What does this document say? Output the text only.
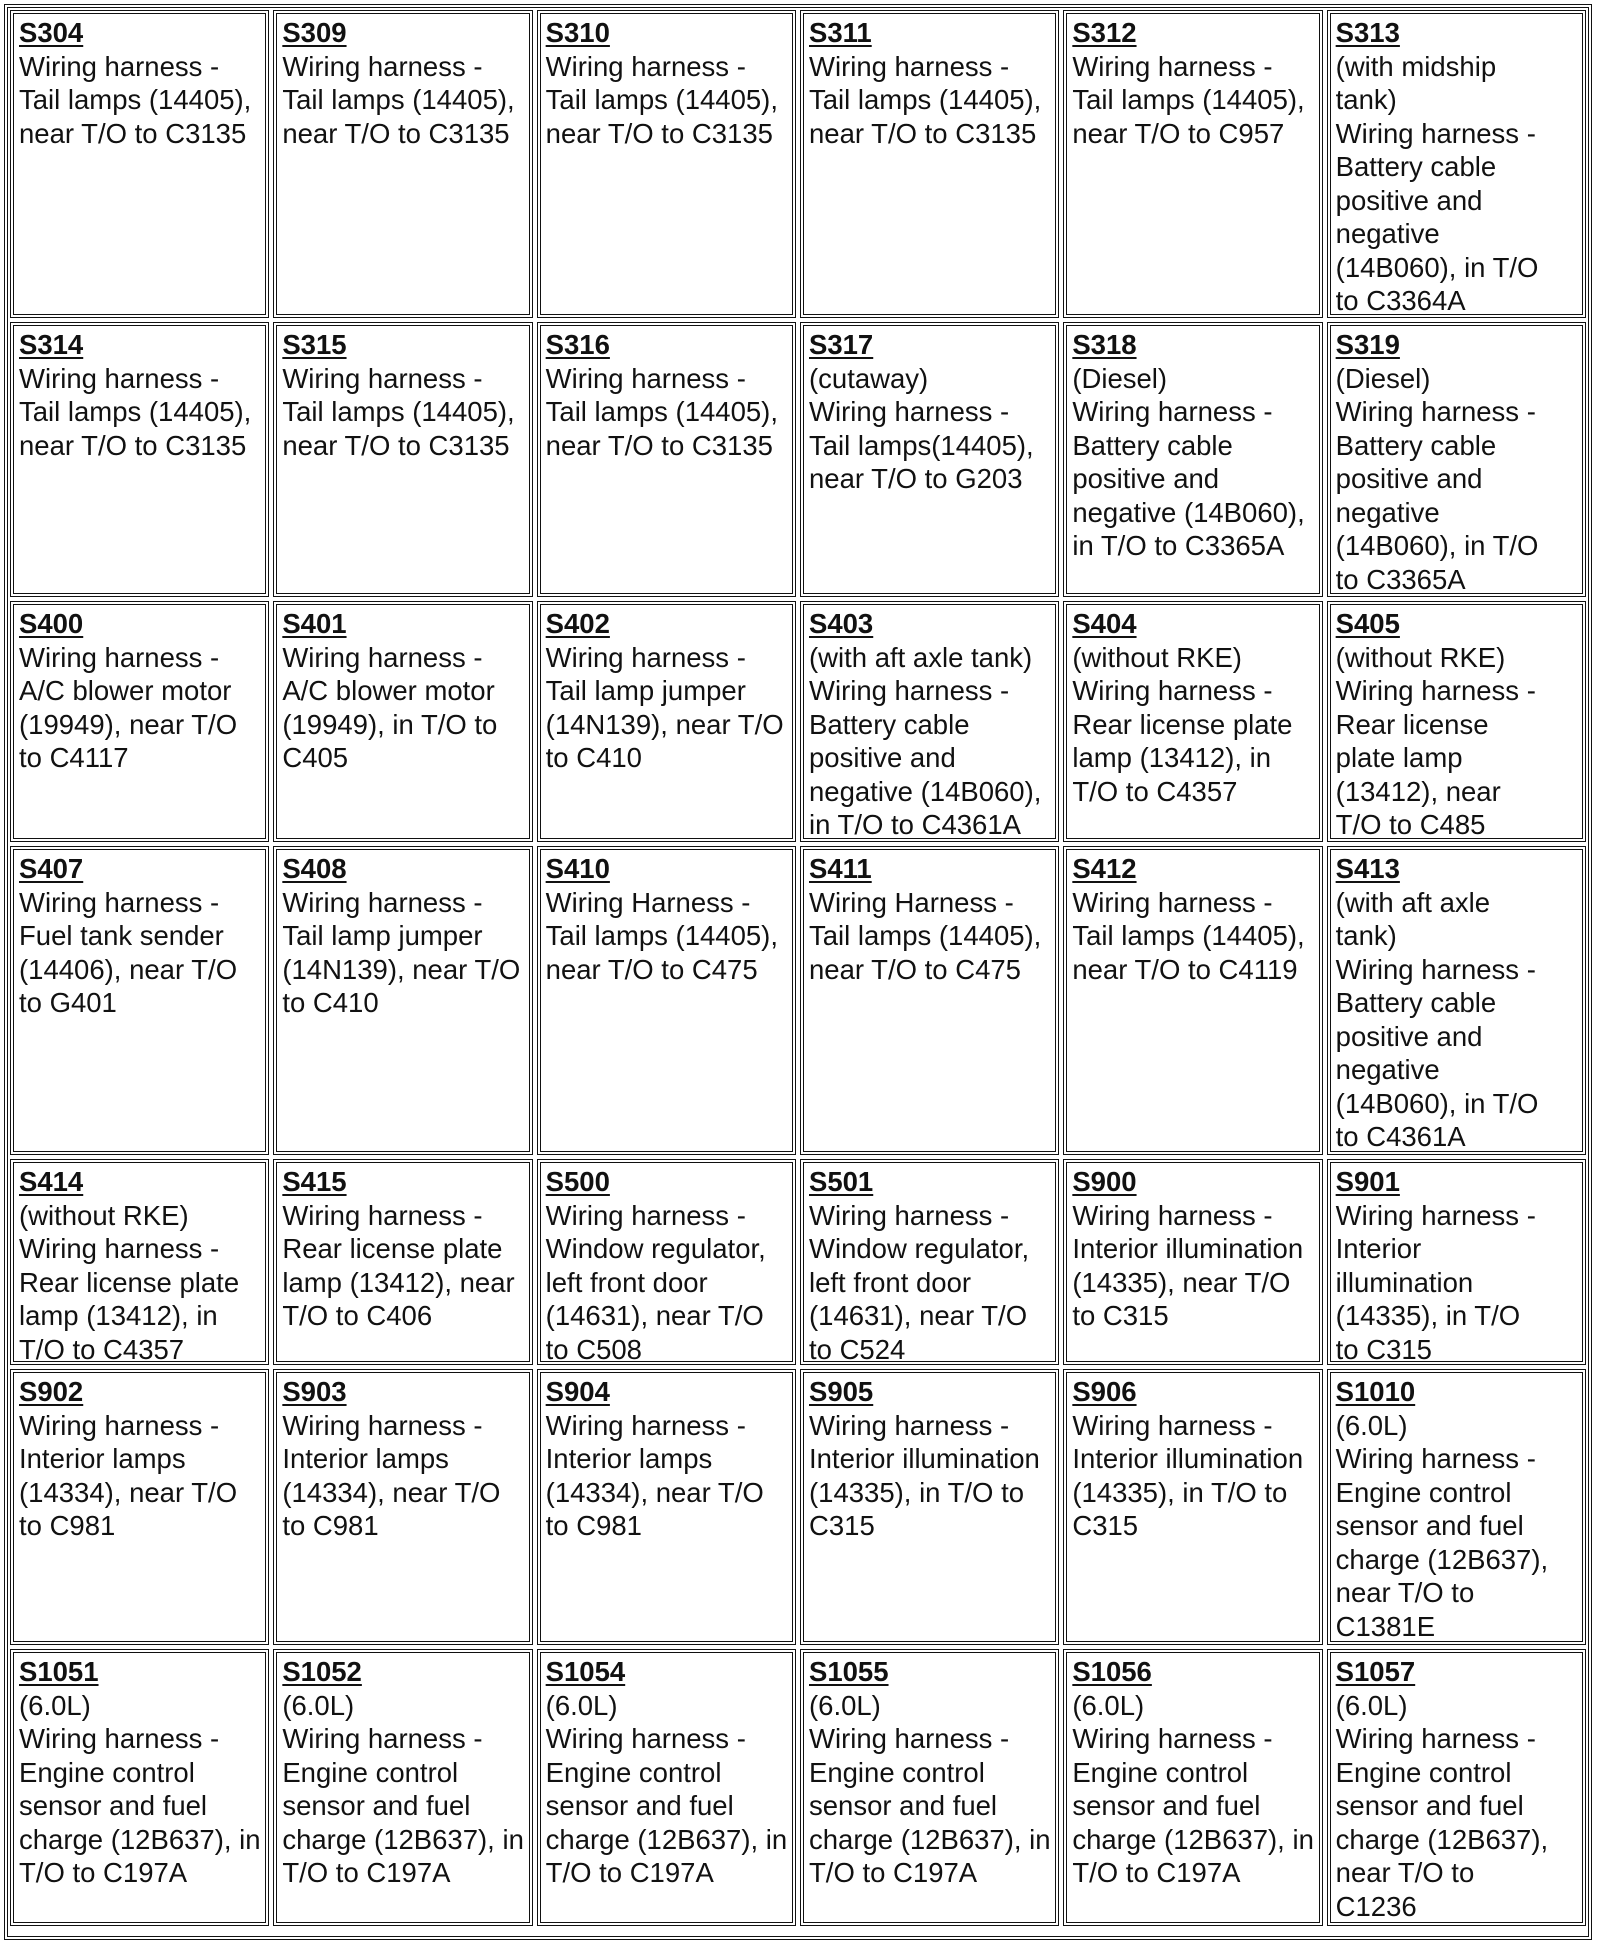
S304
Wiring harness -
Tail lamps (14405),
near T/O to C3135
S309
Wiring harness -
Tail lamps (14405),
near T/O to C3135
S310
Wiring harness -
Tail lamps (14405),
near T/O to C3135
S311
Wiring harness -
Tail lamps (14405),
near T/O to C3135
S312
Wiring harness -
Tail lamps (14405),
near T/O to C957
S313
(with midship
tank)
Wiring harness -
Battery cable
positive and
negative
(14B060), in T/O
to C3364A
S314
Wiring harness -
Tail lamps (14405),
near T/O to C3135
S315
Wiring harness -
Tail lamps (14405),
near T/O to C3135
S316
Wiring harness -
Tail lamps (14405),
near T/O to C3135
S317
(cutaway)
Wiring harness -
Tail lamps(14405),
near T/O to G203
S318
(Diesel)
Wiring harness -
Battery cable
positive and
negative (14B060),
in T/O to C3365A
S319
(Diesel)
Wiring harness -
Battery cable
positive and
negative
(14B060), in T/O
to C3365A
S400
Wiring harness -
A/C blower motor
(19949), near T/O
to C4117
S401
Wiring harness -
A/C blower motor
(19949), in T/O to
C405
S402
Wiring harness -
Tail lamp jumper
(14N139), near T/O
to C410
S403
(with aft axle tank)
Wiring harness -
Battery cable
positive and
negative (14B060),
in T/O to C4361A
S404
(without RKE)
Wiring harness -
Rear license plate
lamp (13412), in
T/O to C4357
S405
(without RKE)
Wiring harness -
Rear license
plate lamp
(13412), near
T/O to C485
S407
Wiring harness -
Fuel tank sender
(14406), near T/O
to G401
S408
Wiring harness -
Tail lamp jumper
(14N139), near T/O
to C410
S410
Wiring Harness -
Tail lamps (14405),
near T/O to C475
S411
Wiring Harness -
Tail lamps (14405),
near T/O to C475
S412
Wiring harness -
Tail lamps (14405),
near T/O to C4119
S413
(with aft axle
tank)
Wiring harness -
Battery cable
positive and
negative
(14B060), in T/O
to C4361A
S414
(without RKE)
Wiring harness -
Rear license plate
lamp (13412), in
T/O to C4357
S415
Wiring harness -
Rear license plate
lamp (13412), near
T/O to C406
S500
Wiring harness -
Window regulator,
left front door
(14631), near T/O
to C508
S501
Wiring harness -
Window regulator,
left front door
(14631), near T/O
to C524
S900
Wiring harness -
Interior illumination
(14335), near T/O
to C315
S901
Wiring harness -
Interior
illumination
(14335), in T/O
to C315
S902
Wiring harness -
Interior lamps
(14334), near T/O
to C981
S903
Wiring harness -
Interior lamps
(14334), near T/O
to C981
S904
Wiring harness -
Interior lamps
(14334), near T/O
to C981
S905
Wiring harness -
Interior illumination
(14335), in T/O to
C315
S906
Wiring harness -
Interior illumination
(14335), in T/O to
C315
S1010
(6.0L)
Wiring harness -
Engine control
sensor and fuel
charge (12B637),
near T/O to
C1381E
S1051
(6.0L)
Wiring harness -
Engine control
sensor and fuel
charge (12B637), in
T/O to C197A
S1052
(6.0L)
Wiring harness -
Engine control
sensor and fuel
charge (12B637), in
T/O to C197A
S1054
(6.0L)
Wiring harness -
Engine control
sensor and fuel
charge (12B637), in
T/O to C197A
S1055
(6.0L)
Wiring harness -
Engine control
sensor and fuel
charge (12B637), in
T/O to C197A
S1056
(6.0L)
Wiring harness -
Engine control
sensor and fuel
charge (12B637), in
T/O to C197A
S1057
(6.0L)
Wiring harness -
Engine control
sensor and fuel
charge (12B637),
near T/O to
C1236
